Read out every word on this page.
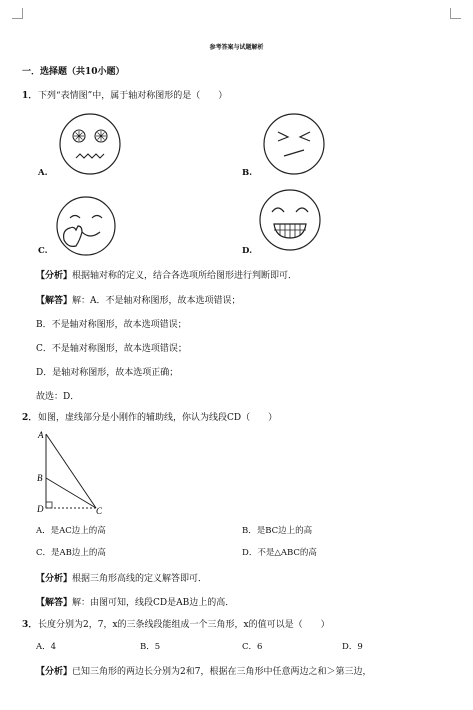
参考答案与试题解析
一．选择题（共10小题）
1． 下列“表情图”中，属于轴对称图形的是（　　）
A.	B.
C.	D.
【分析】根据轴对称的定义，结合各选项所给图形进行判断即可．
【解答】解：A．不是轴对称图形，故本选项错误；
B．不是轴对称图形，故本选项错误；
C．不是轴对称图形，故本选项错误；
D．是轴对称图形，故本选项正确；
故选：D．
2． 如图，虚线部分是小刚作的辅助线，你认为线段CD（　　）
A
B
D	C
A．是AC边上的高	B．是BC边上的高
C．是AB边上的高	D．不是△ABC的高
【分析】根据三角形高线的定义解答即可．
【解答】解：由图可知，线段CD是AB边上的高．
3． 长度分别为2，7，x的三条线段能组成一个三角形，x的值可以是（　　）
A．4	B．5	C．6	D．9
【分析】已知三角形的两边长分别为2和7，根据在三角形中任意两边之和＞第三边，
